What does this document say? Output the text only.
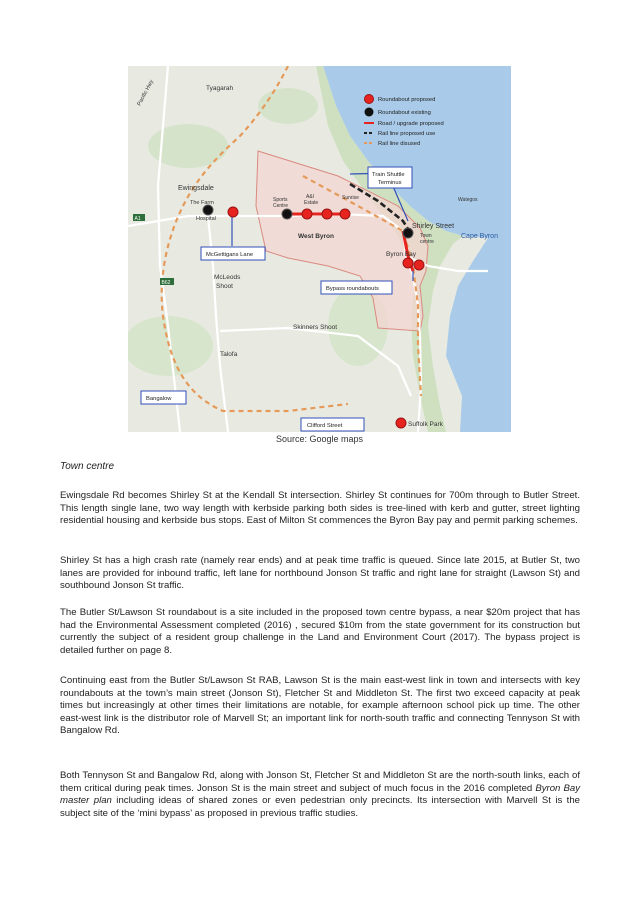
A1
B62
Roundabout proposed
Roundabout existing
Road / upgrade proposed
Rail line proposed use
Rail line disused
Tyagarah
Pacific Hwy
Ewingsdale
The Farm
Hospital
Sports
Centre
A&I
Estate
Sunrise
West Byron
Shirley Street
Town
centre
Wategos
Cape Byron
Byron Bay
McLeods
Shoot
Skinners Shoot
Talofa
Suffolk Park
Train Shuttle
Terminus
McGettigans Lane
Bypass roundabouts
Bangalow
Clifford Street
Source: Google maps
Town centre

Ewingsdale Rd becomes Shirley St at the Kendall St intersection. Shirley St continues for 700m through to Butler Street. This length single lane, two way length with kerbside parking both sides is tree-lined with kerb and gutter, street lighting residential housing and kerbside bus stops. East of Milton St commences the Byron Bay pay and permit parking schemes.

Shirley St has a high crash rate (namely rear ends) and at peak time traffic is queued. Since late 2015, at Butler St, two lanes are provided for inbound traffic, left lane for northbound Jonson St traffic and right lane for straight (Lawson St) and southbound Jonson St traffic.

The Butler St/Lawson St roundabout is a site included in the proposed town centre bypass, a near $20m project that has had the Environmental Assessment completed (2016) , secured $10m from the state government for its construction but currently the subject of a resident group challenge in the Land and Environment Court (2017). The bypass project is detailed further on page 8.

Continuing east from the Butler St/Lawson St RAB, Lawson St is the main east-west link in town and intersects with key roundabouts at the town’s main street (Jonson St), Fletcher St and Middleton St. The first two exceed capacity at peak times but increasingly at other times their limitations are notable, for example afternoon school pick up time. The other east-west link is the distributor role of Marvell St; an important link for north-south traffic and connecting Tennyson St with Bangalow Rd.

Both Tennyson St and Bangalow Rd, along with Jonson St, Fletcher St and Middleton St are the north-south links, each of them critical during peak times. Jonson St is the main street and subject of much focus in the 2016 completed Byron Bay master plan including ideas of shared zones or even pedestrian only precincts. Its intersection with Marvell St is the subject site of the ‘mini bypass’ as proposed in previous traffic studies.
